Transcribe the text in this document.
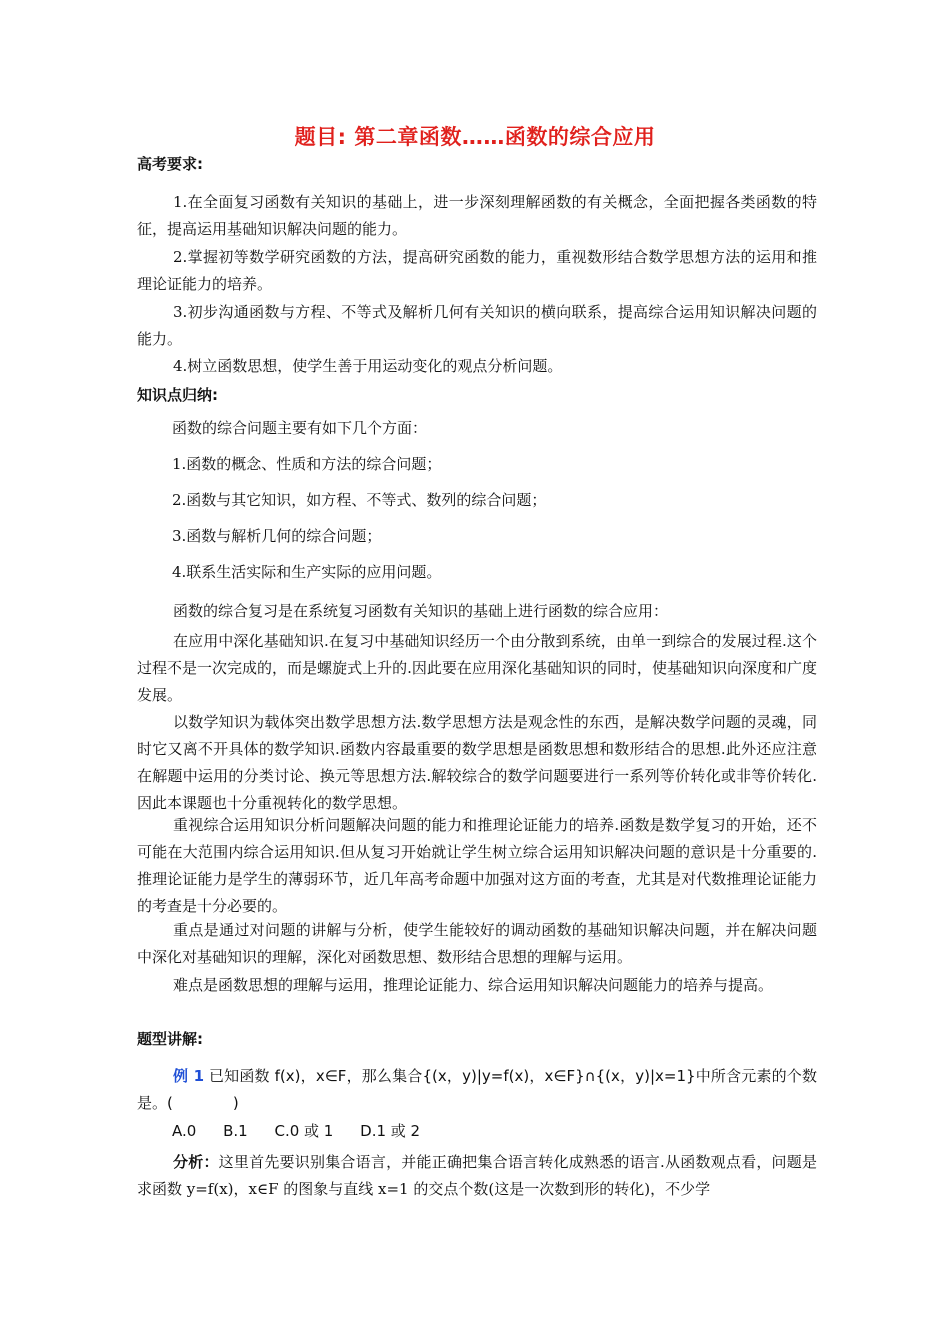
题目: 第二章函数……函数的综合应用
高考要求:
1.在全面复习函数有关知识的基础上，进一步深刻理解函数的有关概念，全面把握各类函数的特征，提高运用基础知识解决问题的能力。
2.掌握初等数学研究函数的方法，提高研究函数的能力，重视数形结合数学思想方法的运用和推理论证能力的培养。
3.初步沟通函数与方程、不等式及解析几何有关知识的横向联系，提高综合运用知识解决问题的能力。
4.树立函数思想，使学生善于用运动变化的观点分析问题。
知识点归纳:
函数的综合问题主要有如下几个方面：
1.函数的概念、性质和方法的综合问题；
2.函数与其它知识，如方程、不等式、数列的综合问题；
3.函数与解析几何的综合问题；
4.联系生活实际和生产实际的应用问题。
函数的综合复习是在系统复习函数有关知识的基础上进行函数的综合应用：
在应用中深化基础知识.在复习中基础知识经历一个由分散到系统，由单一到综合的发展过程.这个过程不是一次完成的，而是螺旋式上升的.因此要在应用深化基础知识的同时，使基础知识向深度和广度发展。
以数学知识为载体突出数学思想方法.数学思想方法是观念性的东西，是解决数学问题的灵魂，同时它又离不开具体的数学知识.函数内容最重要的数学思想是函数思想和数形结合的思想.此外还应注意在解题中运用的分类讨论、换元等思想方法.解较综合的数学问题要进行一系列等价转化或非等价转化.因此本课题也十分重视转化的数学思想。
重视综合运用知识分析问题解决问题的能力和推理论证能力的培养.函数是数学复习的开始，还不可能在大范围内综合运用知识.但从复习开始就让学生树立综合运用知识解决问题的意识是十分重要的.推理论证能力是学生的薄弱环节，近几年高考命题中加强对这方面的考查，尤其是对代数推理论证能力的考查是十分必要的。
重点是通过对问题的讲解与分析，使学生能较好的调动函数的基础知识解决问题，并在解决问题中深化对基础知识的理解，深化对函数思想、数形结合思想的理解与运用。
难点是函数思想的理解与运用，推理论证能力、综合运用知识解决问题能力的培养与提高。
题型讲解:
例 1 已知函数 f(x)，x∈F，那么集合{(x，y)|y=f(x)，x∈F}∩{(x，y)|x=1}中所含元素的个数是。(　　　　)
A.0 B.1 C.0 或 1 D.1 或 2
分析：这里首先要识别集合语言，并能正确把集合语言转化成熟悉的语言.从函数观点看，问题是求函数 y=f(x)，x∈F 的图象与直线 x=1 的交点个数(这是一次数到形的转化)，不少学
